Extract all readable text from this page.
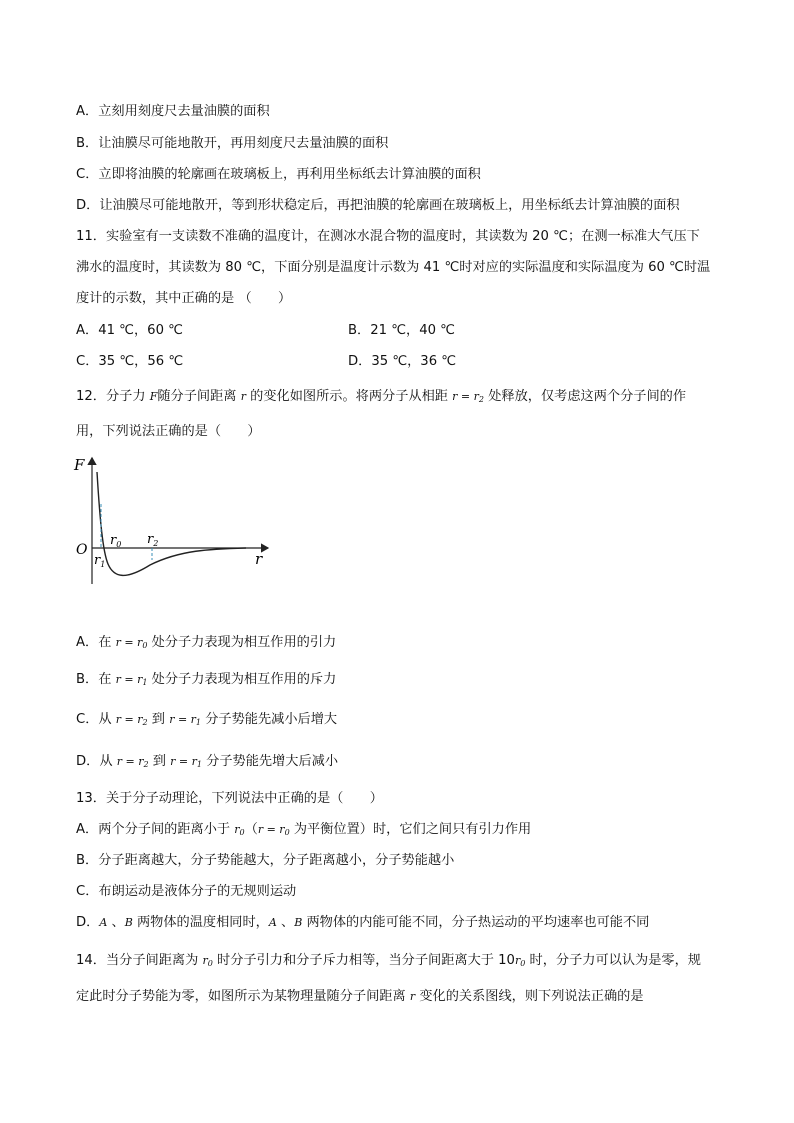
A．立刻用刻度尺去量油膜的面积
B．让油膜尽可能地散开，再用刻度尺去量油膜的面积
C．立即将油膜的轮廓画在玻璃板上，再利用坐标纸去计算油膜的面积
D．让油膜尽可能地散开，等到形状稳定后，再把油膜的轮廓画在玻璃板上，用坐标纸去计算油膜的面积
11．实验室有一支读数不准确的温度计，在测冰水混合物的温度时，其读数为 20 ℃；在测一标准大气压下
沸水的温度时，其读数为 80 ℃，下面分别是温度计示数为 41 ℃时对应的实际温度和实际温度为 60 ℃时温
度计的示数，其中正确的是 （　　）
A．41 ℃，60 ℃	B．21 ℃，40 ℃
C．35 ℃，56 ℃	D．35 ℃，36 ℃
12．分子力 F随分子间距离 r 的变化如图所示。将两分子从相距 $r = r_2$ 处释放，仅考虑这两个分子间的作
用，下列说法正确的是（　　）
F
r
O
$r_0$
$r_1$
$r_2$
A．在 $r = r_0$ 处分子力表现为相互作用的引力
B．在 $r = r_1$ 处分子力表现为相互作用的斥力
C．从 $r = r_2$ 到 $r = r_1$ 分子势能先减小后增大
D．从 $r = r_2$ 到 $r = r_1$ 分子势能先增大后减小
13．关于分子动理论，下列说法中正确的是（　　）
A．两个分子间的距离小于 $r_0(r = r_0$ 为平衡位置）时，它们之间只有引力作用
B．分子距离越大，分子势能越大，分子距离越小，分子势能越小
C．布朗运动是液体分子的无规则运动
D．A 、B 两物体的温度相同时，A 、B 两物体的内能可能不同，分子热运动的平均速率也可能不同
14．当分子间距离为 $r_0$ 时分子引力和分子斥力相等，当分子间距离大于 $10r_0$ 时，分子力可以认为是零，规
定此时分子势能为零，如图所示为某物理量随分子间距离 r 变化的关系图线，则下列说法正确的是
